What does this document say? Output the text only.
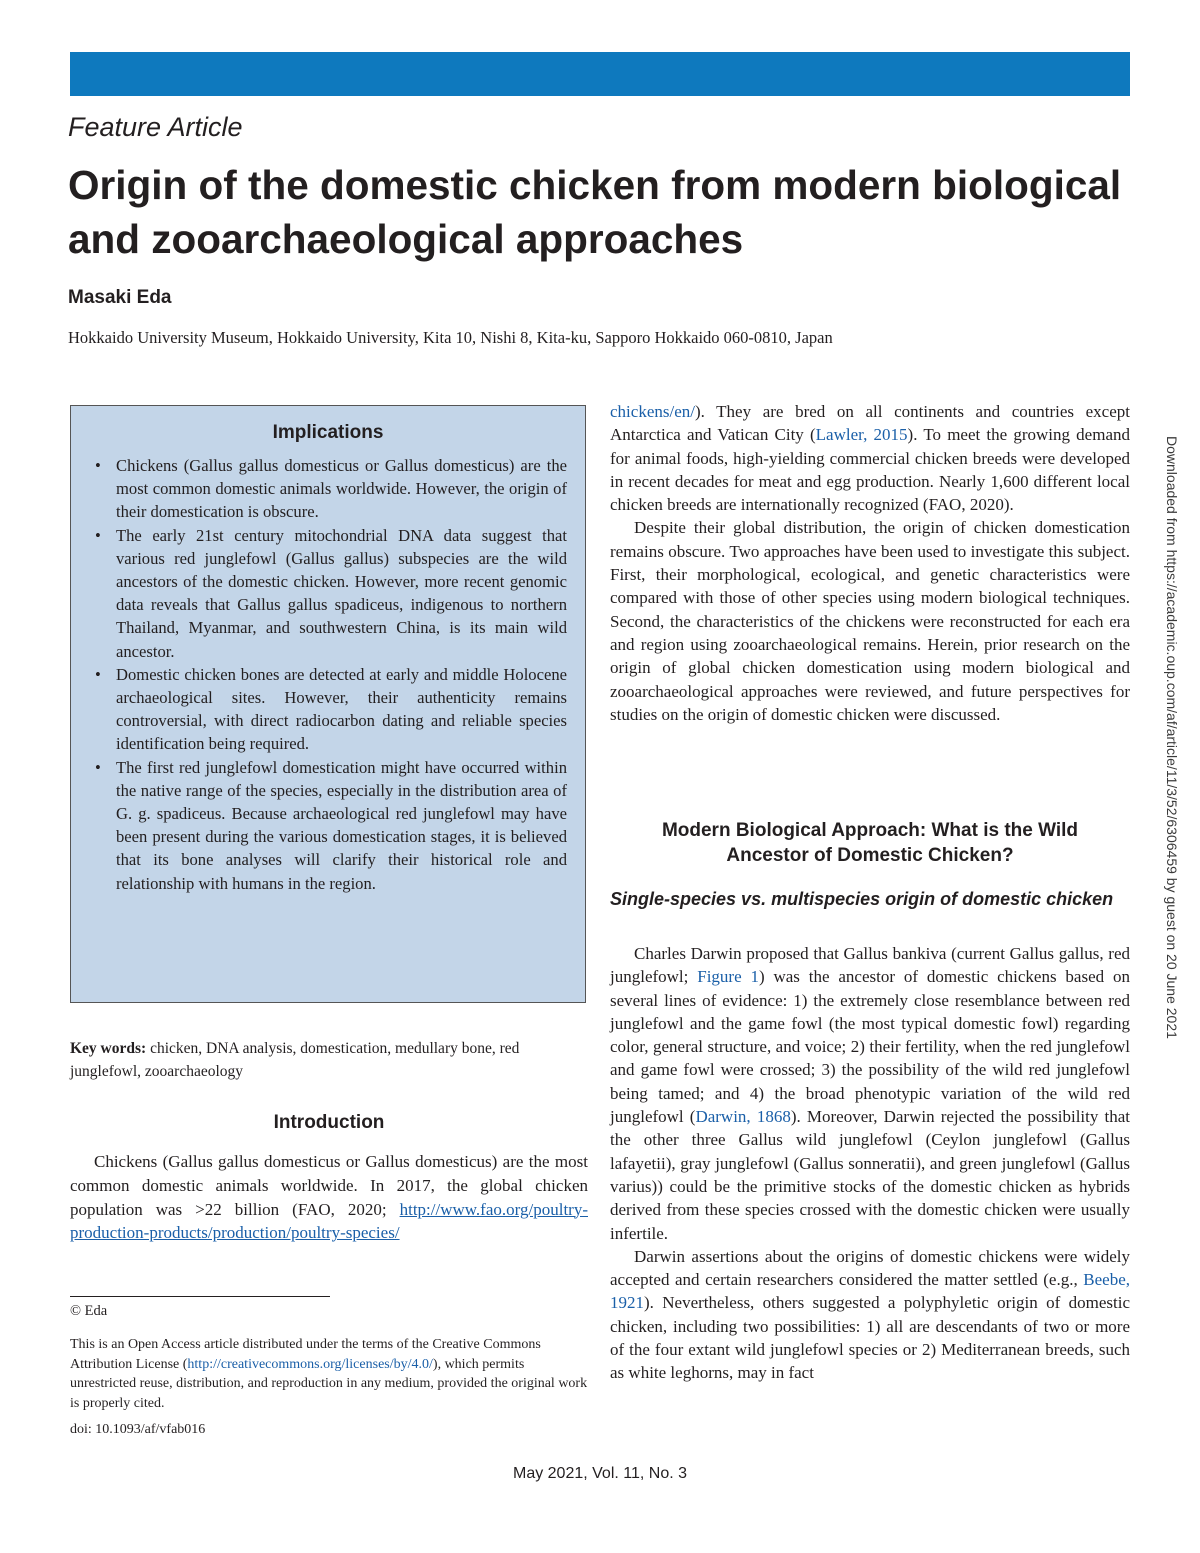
Feature Article
Origin of the domestic chicken from modern biological and zooarchaeological approaches
Masaki Eda
Hokkaido University Museum, Hokkaido University, Kita 10, Nishi 8, Kita-ku, Sapporo Hokkaido 060-0810, Japan
Implications
• Chickens (Gallus gallus domesticus or Gallus domesticus) are the most common domestic animals worldwide. However, the origin of their domestication is obscure.
• The early 21st century mitochondrial DNA data suggest that various red junglefowl (Gallus gallus) subspecies are the wild ancestors of the domestic chicken. However, more recent genomic data reveals that Gallus gallus spadiceus, indigenous to northern Thailand, Myanmar, and southwestern China, is its main wild ancestor.
• Domestic chicken bones are detected at early and middle Holocene archaeological sites. However, their authenticity remains controversial, with direct radiocarbon dating and reliable species identification being required.
• The first red junglefowl domestication might have occurred within the native range of the species, especially in the distribution area of G. g. spadiceus. Because archaeological red junglefowl may have been present during the various domestication stages, it is believed that its bone analyses will clarify their historical role and relationship with humans in the region.
Key words: chicken, DNA analysis, domestication, medullary bone, red junglefowl, zooarchaeology
Introduction

Chickens (Gallus gallus domesticus or Gallus domesticus) are the most common domestic animals worldwide. In 2017, the global chicken population was >22 billion (FAO, 2020; http://www.fao.org/poultry-production-products/production/poultry-species/

© Eda
This is an Open Access article distributed under the terms of the Creative Commons Attribution License (http://creativecommons.org/licenses/by/4.0/), which permits unrestricted reuse, distribution, and reproduction in any medium, provided the original work is properly cited.
doi: 10.1093/af/vfab016

chickens/en/). They are bred on all continents and countries except Antarctica and Vatican City (Lawler, 2015). To meet the growing demand for animal foods, high-yielding commercial chicken breeds were developed in recent decades for meat and egg production. Nearly 1,600 different local chicken breeds are internationally recognized (FAO, 2020).

Despite their global distribution, the origin of chicken domestication remains obscure. Two approaches have been used to investigate this subject. First, their morphological, ecological, and genetic characteristics were compared with those of other species using modern biological techniques. Second, the characteristics of the chickens were reconstructed for each era and region using zooarchaeological remains. Herein, prior research on the origin of global chicken domestication using modern biological and zooarchaeological approaches were reviewed, and future perspectives for studies on the origin of domestic chicken were discussed.

Modern Biological Approach: What is the Wild
Ancestor of Domestic Chicken?
Single-species vs. multispecies origin of domestic chicken

Charles Darwin proposed that Gallus bankiva (current Gallus gallus, red junglefowl; Figure 1) was the ancestor of domestic chickens based on several lines of evidence: 1) the extremely close resemblance between red junglefowl and the game fowl (the most typical domestic fowl) regarding color, general structure, and voice; 2) their fertility, when the red junglefowl and game fowl were crossed; 3) the possibility of the wild red junglefowl being tamed; and 4) the broad phenotypic variation of the wild red junglefowl (Darwin, 1868). Moreover, Darwin rejected the possibility that the other three Gallus wild junglefowl (Ceylon junglefowl (Gallus lafayetii), gray junglefowl (Gallus sonneratii), and green junglefowl (Gallus varius)) could be the primitive stocks of the domestic chicken as hybrids derived from these species crossed with the domestic chicken were usually infertile.

Darwin assertions about the origins of domestic chickens were widely accepted and certain researchers considered the matter settled (e.g., Beebe, 1921). Nevertheless, others suggested a polyphyletic origin of domestic chicken, including two possibilities: 1) all are descendants of two or more of the four extant wild junglefowl species or 2) Mediterranean breeds, such as white leghorns, may in fact

May 2021, Vol. 11, No. 3
Downloaded from https://academic.oup.com/af/article/11/3/52/6306459 by guest on 20 June 2021
